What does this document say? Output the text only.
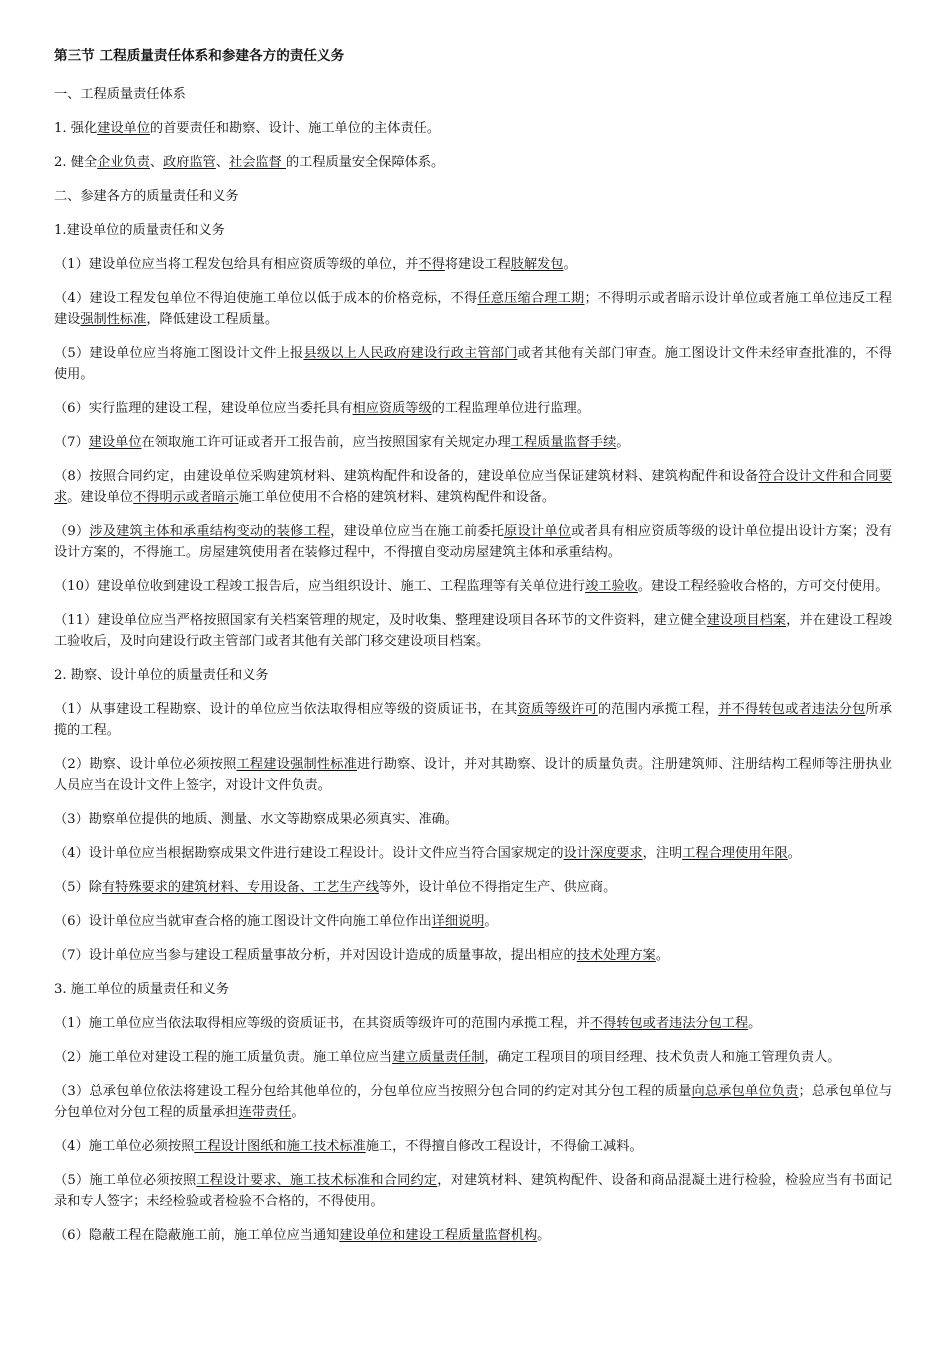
第三节 工程质量责任体系和参建各方的责任义务

一、工程质量责任体系

1. 强化建设单位的首要责任和勘察、设计、施工单位的主体责任。

2. 健全企业负责、政府监管、社会监督 的工程质量安全保障体系。

二、参建各方的质量责任和义务

1.建设单位的质量责任和义务

（1）建设单位应当将工程发包给具有相应资质等级的单位，并不得将建设工程肢解发包。

（4）建设工程发包单位不得迫使施工单位以低于成本的价格竞标，不得任意压缩合理工期；不得明示或者暗示设计单位或者施工单位违反工程建设强制性标准，降低建设工程质量。

（5）建设单位应当将施工图设计文件上报县级以上人民政府建设行政主管部门或者其他有关部门审查。施工图设计文件未经审查批准的，不得使用。

（6）实行监理的建设工程，建设单位应当委托具有相应资质等级的工程监理单位进行监理。

（7）建设单位在领取施工许可证或者开工报告前，应当按照国家有关规定办理工程质量监督手续。

（8）按照合同约定，由建设单位采购建筑材料、建筑构配件和设备的，建设单位应当保证建筑材料、建筑构配件和设备符合设计文件和合同要求。建设单位不得明示或者暗示施工单位使用不合格的建筑材料、建筑构配件和设备。

（9）涉及建筑主体和承重结构变动的装修工程，建设单位应当在施工前委托原设计单位或者具有相应资质等级的设计单位提出设计方案；没有设计方案的，不得施工。房屋建筑使用者在装修过程中，不得擅自变动房屋建筑主体和承重结构。

（10）建设单位收到建设工程竣工报告后，应当组织设计、施工、工程监理等有关单位进行竣工验收。建设工程经验收合格的，方可交付使用。

（11）建设单位应当严格按照国家有关档案管理的规定，及时收集、整理建设项目各环节的文件资料，建立健全建设项目档案，并在建设工程竣工验收后，及时向建设行政主管部门或者其他有关部门移交建设项目档案。

2. 勘察、设计单位的质量责任和义务

（1）从事建设工程勘察、设计的单位应当依法取得相应等级的资质证书，在其资质等级许可的范围内承揽工程，并不得转包或者违法分包所承揽的工程。

（2）勘察、设计单位必须按照工程建设强制性标准进行勘察、设计，并对其勘察、设计的质量负责。注册建筑师、注册结构工程师等注册执业人员应当在设计文件上签字，对设计文件负责。

（3）勘察单位提供的地质、测量、水文等勘察成果必须真实、准确。

（4）设计单位应当根据勘察成果文件进行建设工程设计。设计文件应当符合国家规定的设计深度要求，注明工程合理使用年限。

（5）除有特殊要求的建筑材料、专用设备、工艺生产线等外，设计单位不得指定生产、供应商。

（6）设计单位应当就审查合格的施工图设计文件向施工单位作出详细说明。

（7）设计单位应当参与建设工程质量事故分析，并对因设计造成的质量事故，提出相应的技术处理方案。

3. 施工单位的质量责任和义务

（1）施工单位应当依法取得相应等级的资质证书，在其资质等级许可的范围内承揽工程，并不得转包或者违法分包工程。

（2）施工单位对建设工程的施工质量负责。施工单位应当建立质量责任制，确定工程项目的项目经理、技术负责人和施工管理负责人。

（3）总承包单位依法将建设工程分包给其他单位的，分包单位应当按照分包合同的约定对其分包工程的质量向总承包单位负责；总承包单位与分包单位对分包工程的质量承担连带责任。

（4）施工单位必须按照工程设计图纸和施工技术标准施工，不得擅自修改工程设计，不得偷工减料。

（5）施工单位必须按照工程设计要求、施工技术标准和合同约定，对建筑材料、建筑构配件、设备和商品混凝土进行检验，检验应当有书面记录和专人签字；未经检验或者检验不合格的，不得使用。

（6）隐蔽工程在隐蔽施工前，施工单位应当通知建设单位和建设工程质量监督机构。
